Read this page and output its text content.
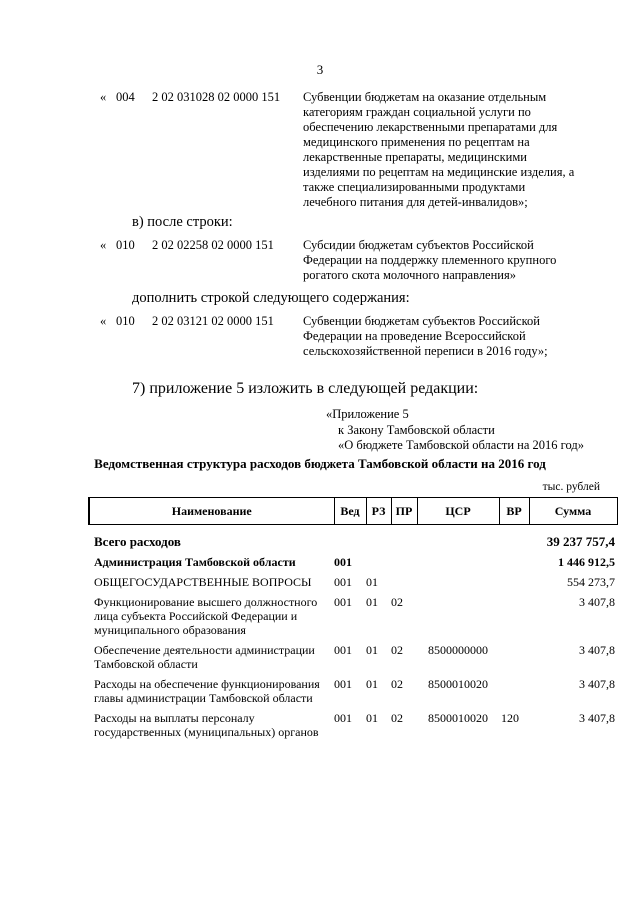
3
« 004 2 02 031028 02 0000 151 Субвенции бюджетам на оказание отдельным
категориям граждан социальной услуги по
обеспечению лекарственными препаратами для
медицинского применения по рецептам на
лекарственные препараты, медицинскими
изделиями по рецептам на медицинские изделия, а
также специализированными продуктами
лечебного питания для детей-инвалидов»;
в) после строки:
« 010 2 02 02258 02 0000 151 Субсидии бюджетам субъектов Российской
Федерации на поддержку племенного крупного
рогатого скота молочного направления»
дополнить строкой следующего содержания:
« 010 2 02 03121 02 0000 151 Субвенции бюджетам субъектов Российской
Федерации на проведение Всероссийской
сельскохозяйственной переписи в 2016 году»;
7) приложение 5 изложить в следующей редакции:
«Приложение 5
к Закону Тамбовской области
«О бюджете Тамбовской области на 2016 год»
Ведомственная структура расходов бюджета Тамбовской области на 2016 год
тыс. рублей
Наименование	Вед	РЗ	ПР	ЦСР	ВР	Сумма
Всего расходов						39 237 757,4
Администрация Тамбовской области	001					1 446 912,5
ОБЩЕГОСУДАРСТВЕННЫЕ ВОПРОСЫ	001	01				554 273,7
Функционирование высшего должностного лица субъекта Российской Федерации и муниципального образования	001	01	02			3 407,8
Обеспечение деятельности администрации Тамбовской области	001	01	02	8500000000		3 407,8
Расходы на обеспечение функционирования главы администрации Тамбовской области	001	01	02	8500010020		3 407,8
Расходы на выплаты персоналу государственных (муниципальных) органов	001	01	02	8500010020	120	3 407,8
